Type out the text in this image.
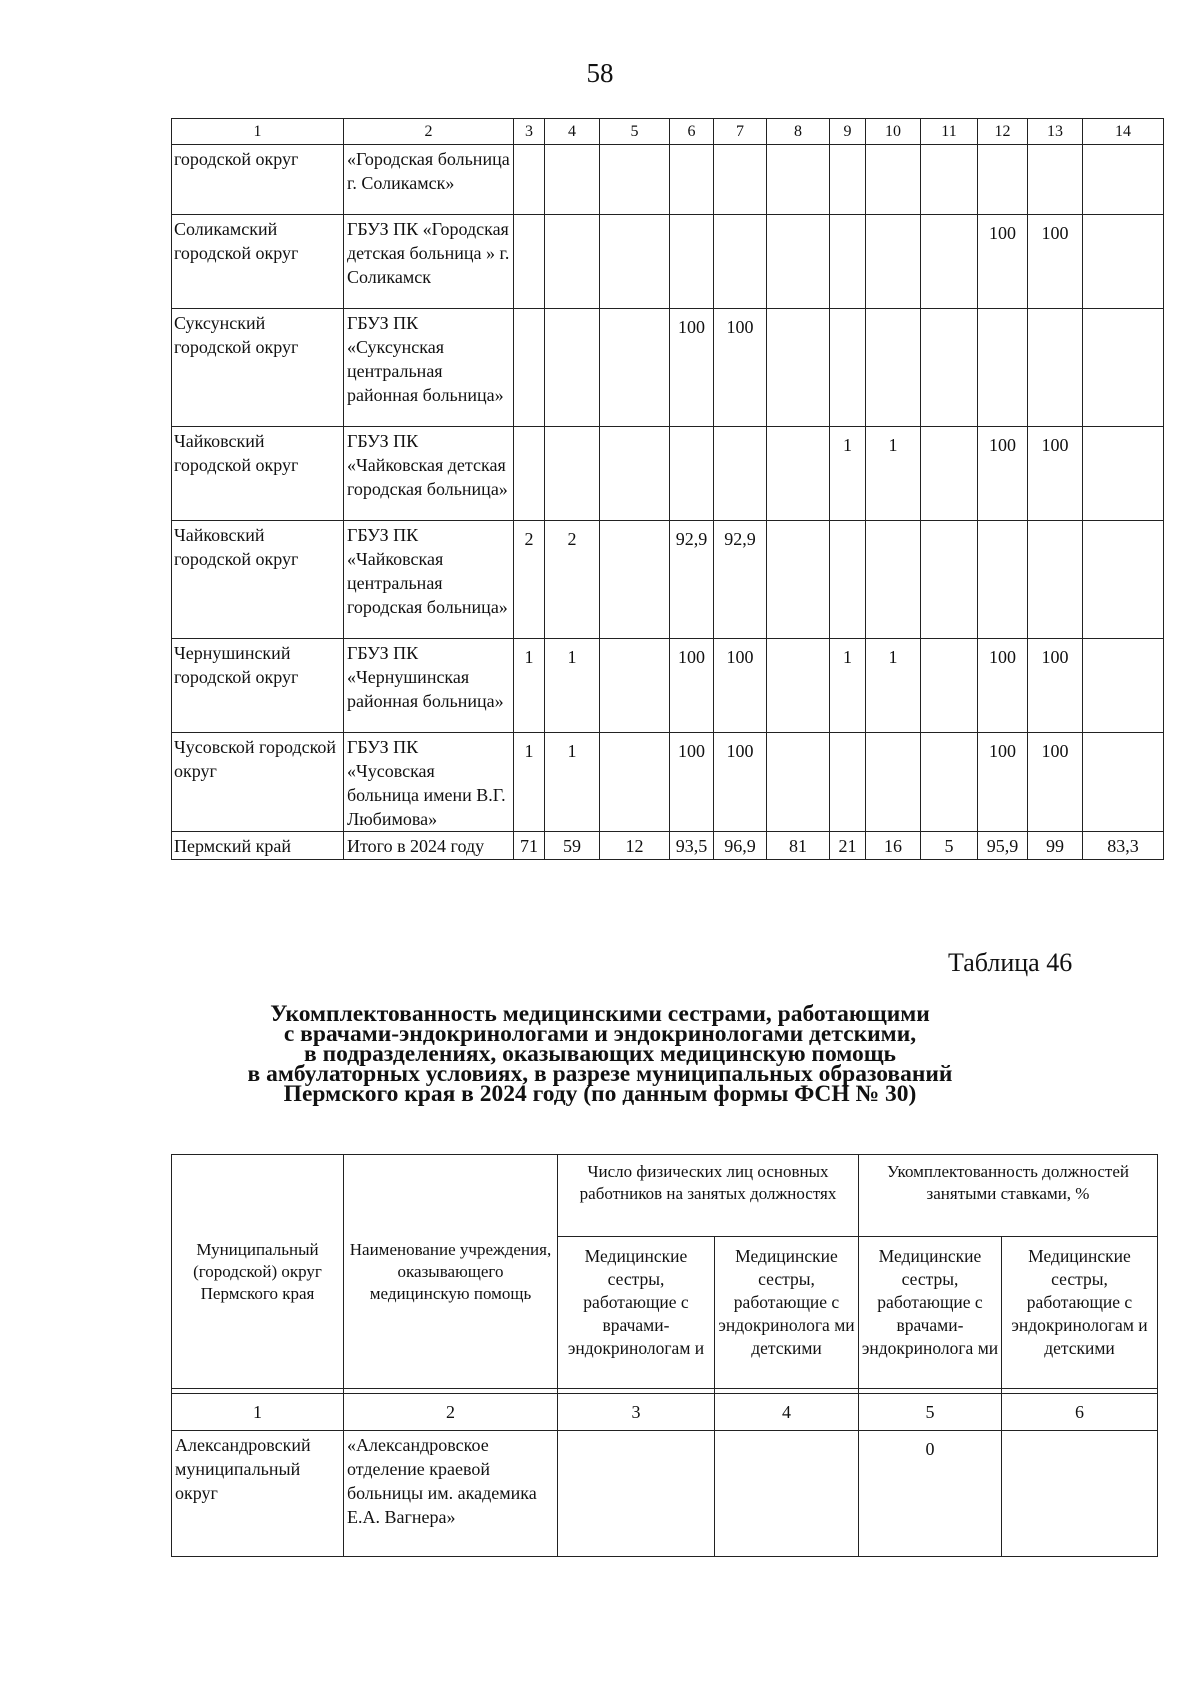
58
1	2	3	4	5	6	7	8	9	10	11	12	13	14
городской округ	«Городская больница г. Соликамск»												
Соликамский городской округ	ГБУЗ ПК «Городская детская больница » г. Соликамск										100	100	
Суксунский городской округ	ГБУЗ ПК «Суксунская центральная районная больница»				100	100							
Чайковский городской округ	ГБУЗ ПК «Чайковская детская городская больница»							1	1		100	100	
Чайковский городской округ	ГБУЗ ПК «Чайковская центральная городская больница»	2	2		92,9	92,9							
Чернушинский городской округ	ГБУЗ ПК «Чернушинская районная больница»	1	1		100	100		1	1		100	100	
Чусовской городской округ	ГБУЗ ПК «Чусовская больница имени В.Г. Любимова»	1	1		100	100					100	100	
Пермский край	Итого в 2024 году	71	59	12	93,5	96,9	81	21	16	5	95,9	99	83,3
Таблица 46
Укомплектованность медицинскими сестрами, работающими
с врачами-эндокринологами и эндокринологами детскими,
в подразделениях, оказывающих медицинскую помощь
в амбулаторных условиях, в разрезе муниципальных образований
Пермского края в 2024 году (по данным формы ФСН № 30)
Муниципальный (городской) округ Пермского края	Наименование учреждения, оказывающего медицинскую помощь	Число физических лиц основных работников на занятых должностях		Укомплектованность должностей занятыми ставками, %	
		Медицинские сестры, работающие с врачами-эндокринологам и	Медицинские сестры, работающие с эндокринолога ми детскими	Медицинские сестры, работающие с врачами-эндокринолога ми	Медицинские сестры, работающие с эндокринологам и детскими

1	2	3	4	5	6
Александровский муниципальный округ	«Александровское отделение краевой больницы им. академика Е.А. Вагнера»			0	
